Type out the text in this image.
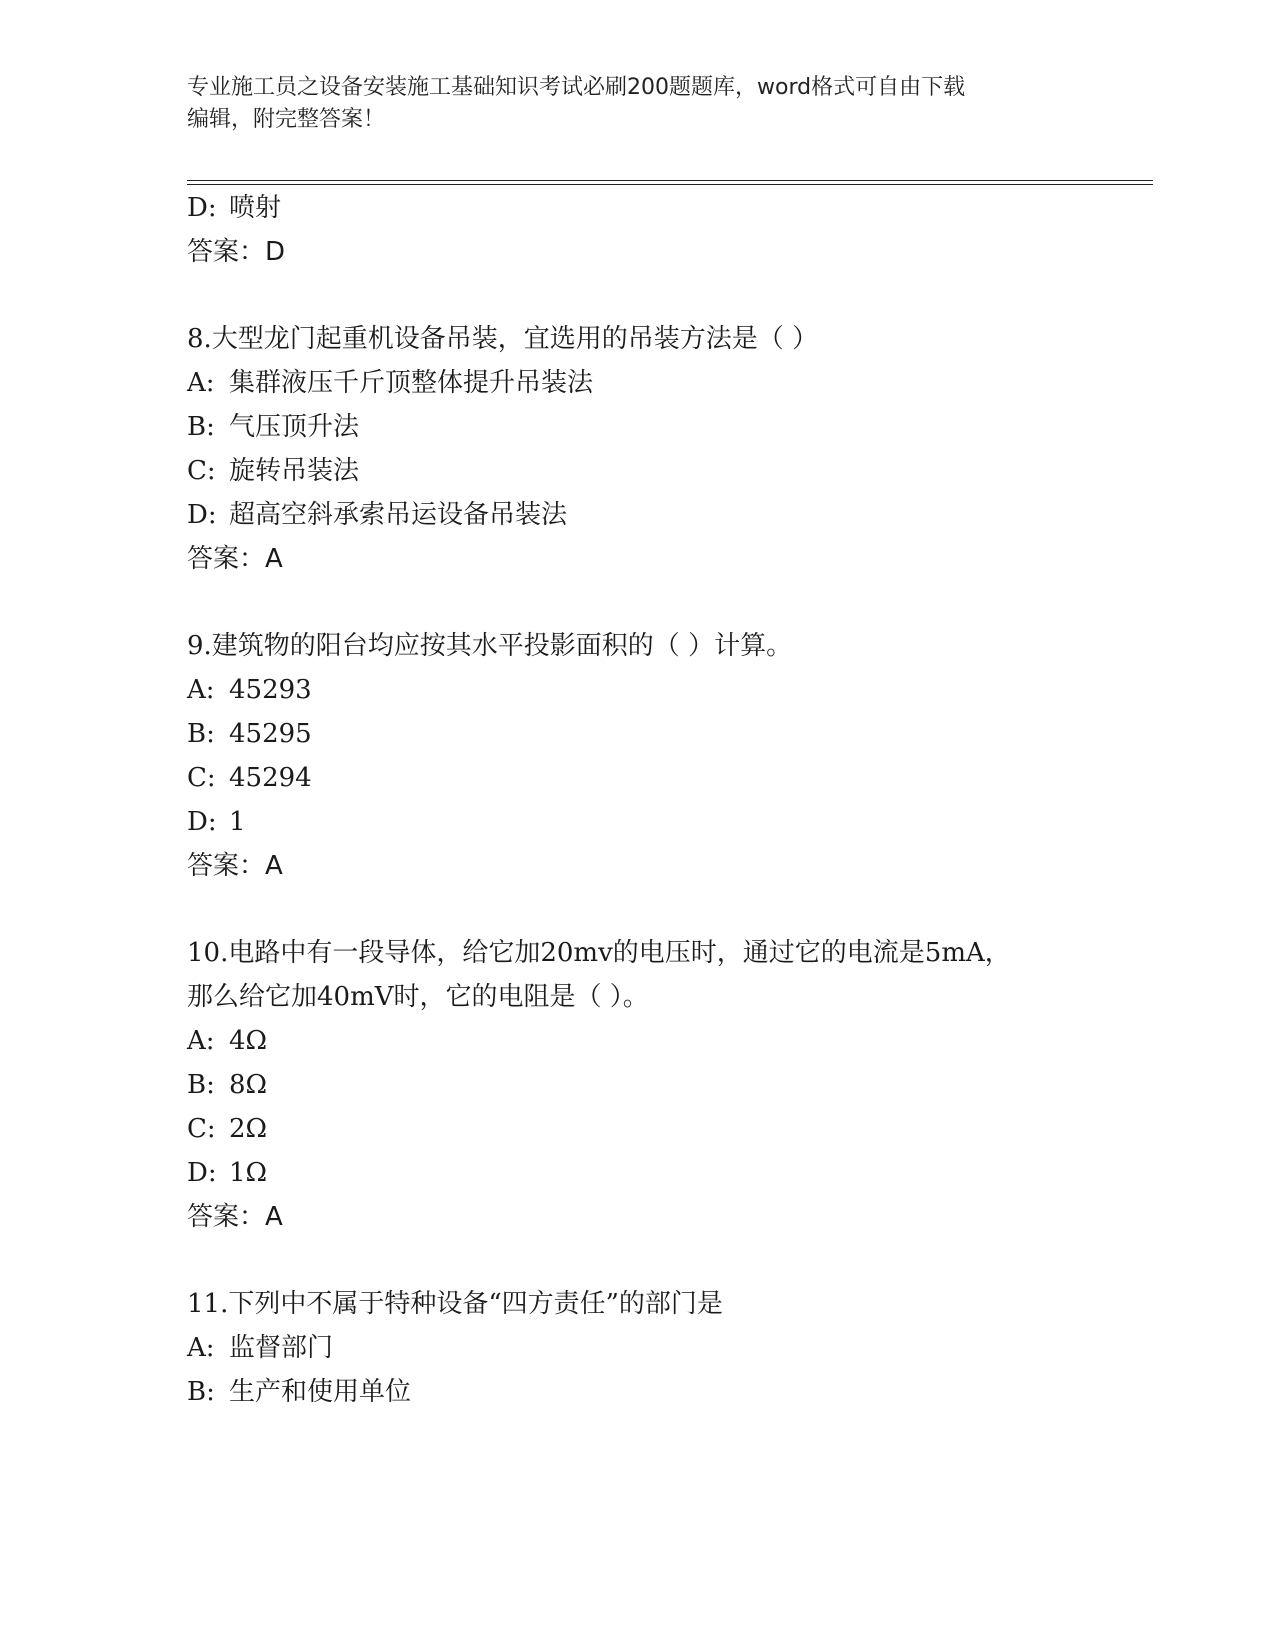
专业施工员之设备安装施工基础知识考试必刷200题题库，word格式可自由下载
编辑，附完整答案！
D: 喷射
答案：D
8.大型龙门起重机设备吊装，宜选用的吊装方法是（ ）
A: 集群液压千斤顶整体提升吊装法
B: 气压顶升法
C: 旋转吊装法
D: 超高空斜承索吊运设备吊装法
答案：A
9.建筑物的阳台均应按其水平投影面积的（ ）计算。
A: 45293
B: 45295
C: 45294
D: 1
答案：A
10.电路中有一段导体，给它加20mv的电压时，通过它的电流是5mA，
那么给它加40mV时，它的电阻是（ ）。
A: 4Ω
B: 8Ω
C: 2Ω
D: 1Ω
答案：A
11.下列中不属于特种设备“四方责任”的部门是
A: 监督部门
B: 生产和使用单位
